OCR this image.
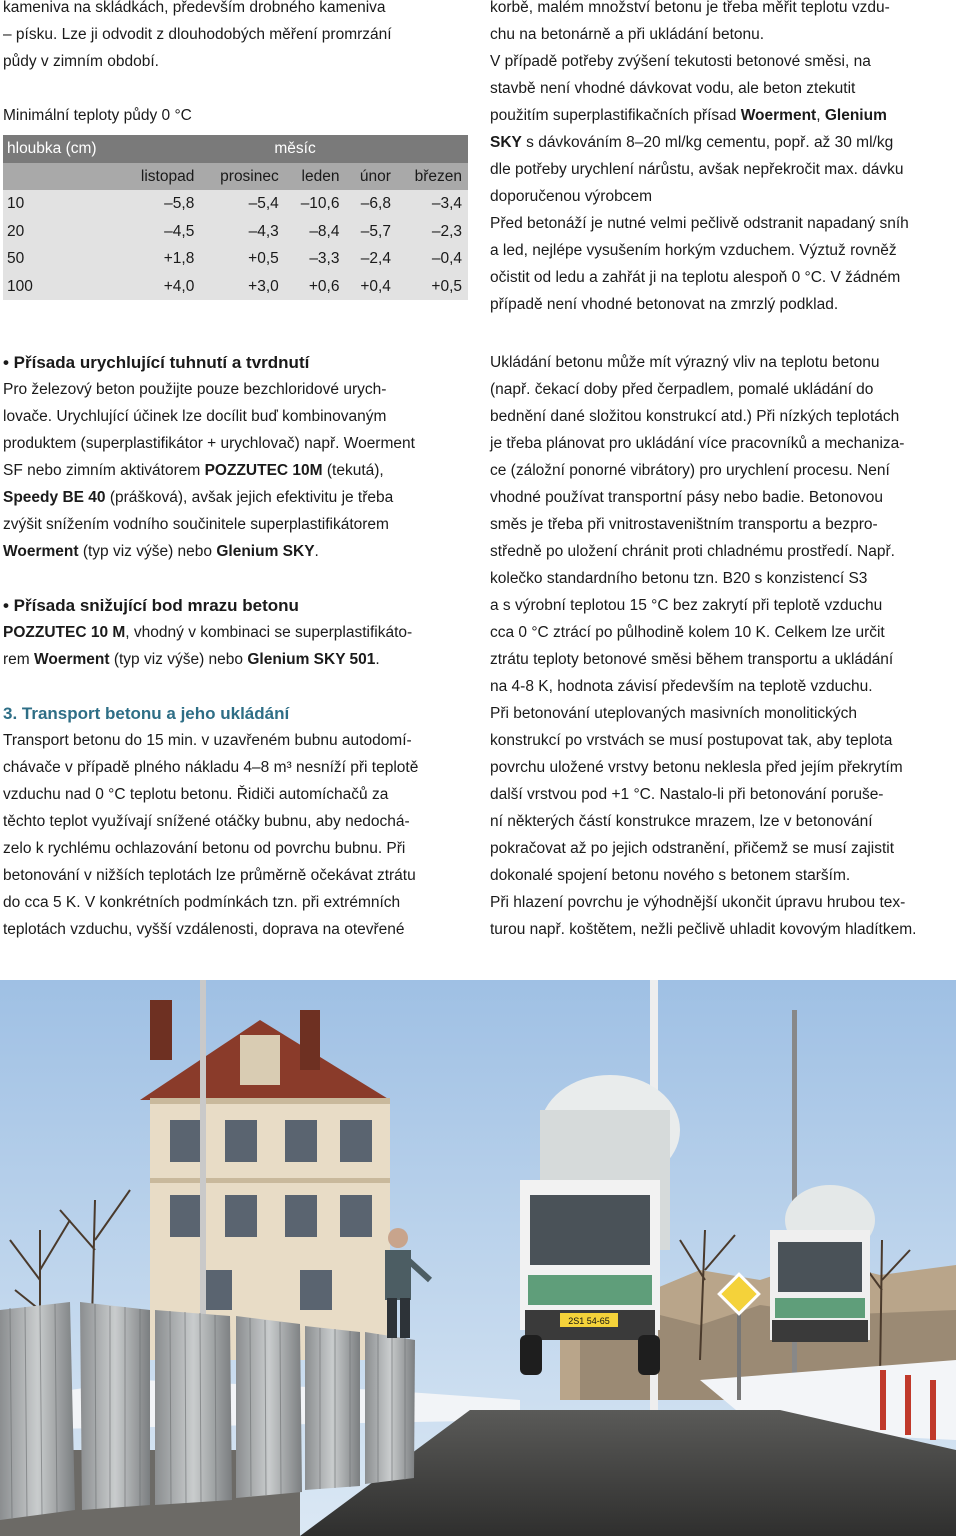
kameniva na skládkách, především drobného kameniva

– písku. Lze ji odvodit z dlouhodobých měření promrzání

půdy v zimním období.

Minimální teploty půdy 0 °C

hloubka (cm)	měsíc				
	listopad	prosinec	leden	únor	březen
10	–5,8	–5,4	–10,6	–6,8	–3,4
20	–4,5	–4,3	–8,4	–5,7	–2,3
50	+1,8	+0,5	–3,3	–2,4	–0,4
100	+4,0	+3,0	+0,6	+0,4	+0,5

korbě, malém množství betonu je třeba měřit teplotu vzdu-

chu na betonárně a při ukládání betonu.

V případě potřeby zvýšení tekutosti betonové směsi, na

stavbě není vhodné dávkovat vodu, ale beton ztekutit

použitím superplastifikačních přísad Woerment, Glenium

SKY s dávkováním 8–20 ml/kg cementu, popř. až 30 ml/kg

dle potřeby urychlení nárůstu, avšak nepřekročit max. dávku

doporučenou výrobcem

Před betonáží je nutné velmi pečlivě odstranit napadaný sníh

a led, nejlépe vysušením horkým vzduchem. Výztuž rovněž

očistit od ledu a zahřát ji na teplotu alespoň 0 °C. V žádném

případě není vhodné betonovat na zmrzlý podklad.

• Přísada urychlující tuhnutí a tvrdnutí

Pro železový beton použijte pouze bezchloridové urych-

lovače. Urychlující účinek lze docílit buď kombinovaným

produktem (superplastifikátor + urychlovač) např. Woerment

SF nebo zimním aktivátorem POZZUTEC 10M (tekutá),

Speedy BE 40 (prášková), avšak jejich efektivitu je třeba

zvýšit snížením vodního součinitele superplastifikátorem

Woerment (typ viz výše) nebo Glenium SKY.

• Přísada snižující bod mrazu betonu

POZZUTEC 10 M, vhodný v kombinaci se superplastifikáto-

rem Woerment (typ viz výše) nebo Glenium SKY 501.

3. Transport betonu a jeho ukládání

Transport betonu do 15 min. v uzavřeném bubnu autodomí-

chávače v případě plného nákladu 4–8 m³ nesníží při teplotě

vzduchu nad 0 °C teplotu betonu. Řidiči automíchačů za

těchto teplot využívají snížené otáčky bubnu, aby nedochá-

zelo k rychlému ochlazování betonu od povrchu bubnu. Při

betonování v nižších teplotách lze průměrně očekávat ztrátu

do cca 5 K. V konkrétních podmínkách tzn. při extrémních

teplotách vzduchu, vyšší vzdálenosti, doprava na otevřené

Ukládání betonu může mít výrazný vliv na teplotu betonu

(např. čekací doby před čerpadlem, pomalé ukládání do

bednění dané složitou konstrukcí atd.) Při nízkých teplotách

je třeba plánovat pro ukládání více pracovníků a mechaniza-

ce (záložní ponorné vibrátory) pro urychlení procesu. Není

vhodné používat transportní pásy nebo badie. Betonovou

směs je třeba při vnitrostaveništním transportu a bezpro-

středně po uložení chránit proti chladnému prostředí. Např.

kolečko standardního betonu tzn. B20 s konzistencí S3

a s výrobní teplotou 15 °C bez zakrytí při teplotě vzduchu

cca 0 °C ztrácí po půlhodině kolem 10 K. Celkem lze určit

ztrátu teploty betonové směsi během transportu a ukládání

na 4-8 K, hodnota závisí především na teplotě vzduchu.

Při betonování uteplovaných masivních monolitických

konstrukcí po vrstvách se musí postupovat tak, aby teplota

povrchu uložené vrstvy betonu neklesla před jejím překrytím

další vrstvou pod +1 °C. Nastalo-li při betonování poruše-

ní některých částí konstrukce mrazem, lze v betonování

pokračovat až po jejich odstranění, přičemž se musí zajistit

dokonalé spojení betonu nového s betonem starším.

Při hlazení povrchu je výhodnější ukončit úpravu hrubou tex-

turou např. koštětem, nežli pečlivě uhladit kovovým hladítkem.

2S1 54-65
